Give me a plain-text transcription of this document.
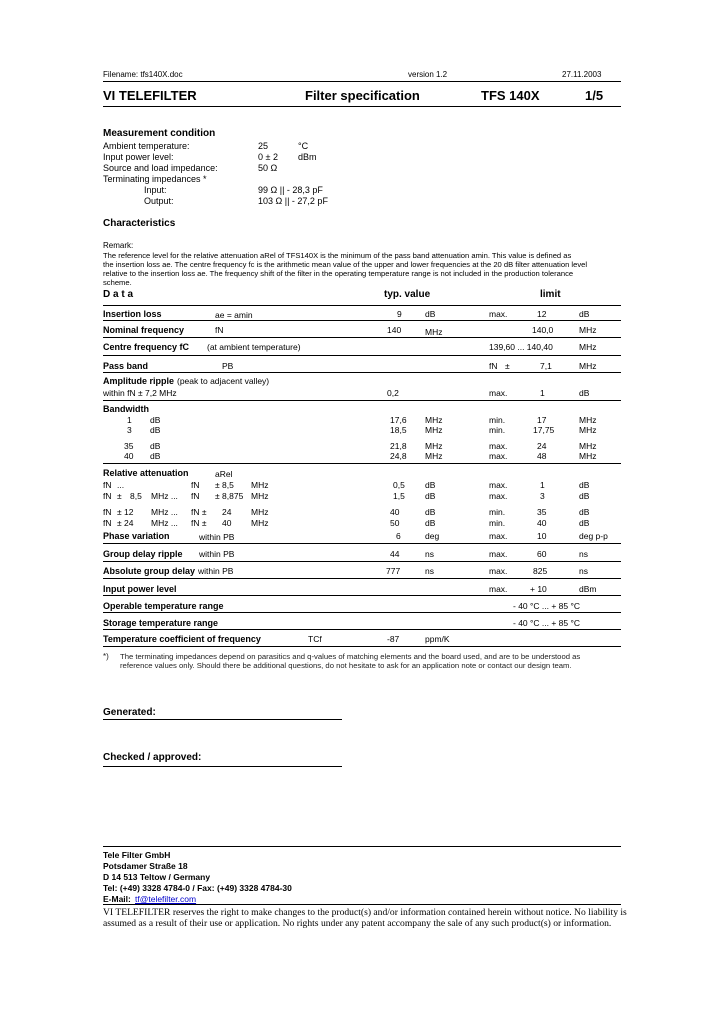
Filename: tfs140X.doc	version 1.2	27.11.2003
VI TELEFILTER	Filter specification	TFS 140X	1/5
Measurement condition
Ambient temperature:	25	°C
Input power level:	0 ± 2 dBm
Source and load impedance:	50 Ω
Terminating impedances *
Input:	99 Ω || - 28,3 pF
Output:	103 Ω || - 27,2 pF
Characteristics
Remark:
The reference level for the relative attenuation aRel of TFS140X is the minimum of the pass band attenuation amin. This value is defined as
the insertion loss ae. The centre frequency fc is the arithmetic mean value of the upper and lower frequencies at the 20 dB filter attenuation level
relative to the insertion loss ae. The frequency shift of the filter in the operating temperature range is not included in the production tolerance
scheme.
D a t a	typ. value	limit
Insertion loss	ae = amin	9	dB	max.	12	dB
Nominal frequency	fN	140	MHz	140,0	MHz
Centre frequency fC (at ambient temperature)	139,60 ... 140,40	MHz
Pass band	PB	fN ±	7,1	MHz
Amplitude ripple (peak to adjacent valley)
within fN ± 7,2 MHz	0,2	max.	1	dB
Bandwidth
1 dB	17,6 MHz	min.	17	MHz
3 dB	18,5 MHz	min.	17,75	MHz
35 dB	21,8 MHz	max.	24	MHz
40 dB	24,8 MHz	max.	48	MHz
Relative attenuation	aRel
fN ...	fN ± 8,5 MHz	0,5 dB	max.	1	dB
fN ± 8,5 MHz ... fN ± 8,875 MHz	1,5 dB	max.	3	dB
fN ± 12 MHz ... fN ± 24 MHz	40	dB	min.	35	dB
fN ± 24 MHz ... fN ± 40 MHz	50	dB	min.	40	dB
Phase variation	within PB	6	deg	max.	10	deg p-p
Group delay ripple within PB	44	ns	max.	60	ns
Absolute group delay within PB	777	ns	max.	825	ns
Input power level	max.	+ 10	dBm
Operable temperature range	- 40 °C ... + 85 °C
Storage temperature range	- 40 °C ... + 85 °C
Temperature coefficient of frequency	TCf	-87	ppm/K
*) The terminating impedances depend on parasitics and q-values of matching elements and the board used, and are to be understood as
reference values only. Should there be additional questions, do not hesitate to ask for an application note or contact our design team.
Generated:
Checked / approved:
Tele Filter GmbH
Potsdamer Straße 18
D 14 513 Teltow / Germany
Tel: (+49) 3328 4784-0 / Fax: (+49) 3328 4784-30
E-Mail: tf@telefilter.com
VI TELEFILTER reserves the right to make changes to the product(s) and/or information contained herein without notice. No liability is
assumed as a result of their use or application. No rights under any patent accompany the sale of any such product(s) or information.
